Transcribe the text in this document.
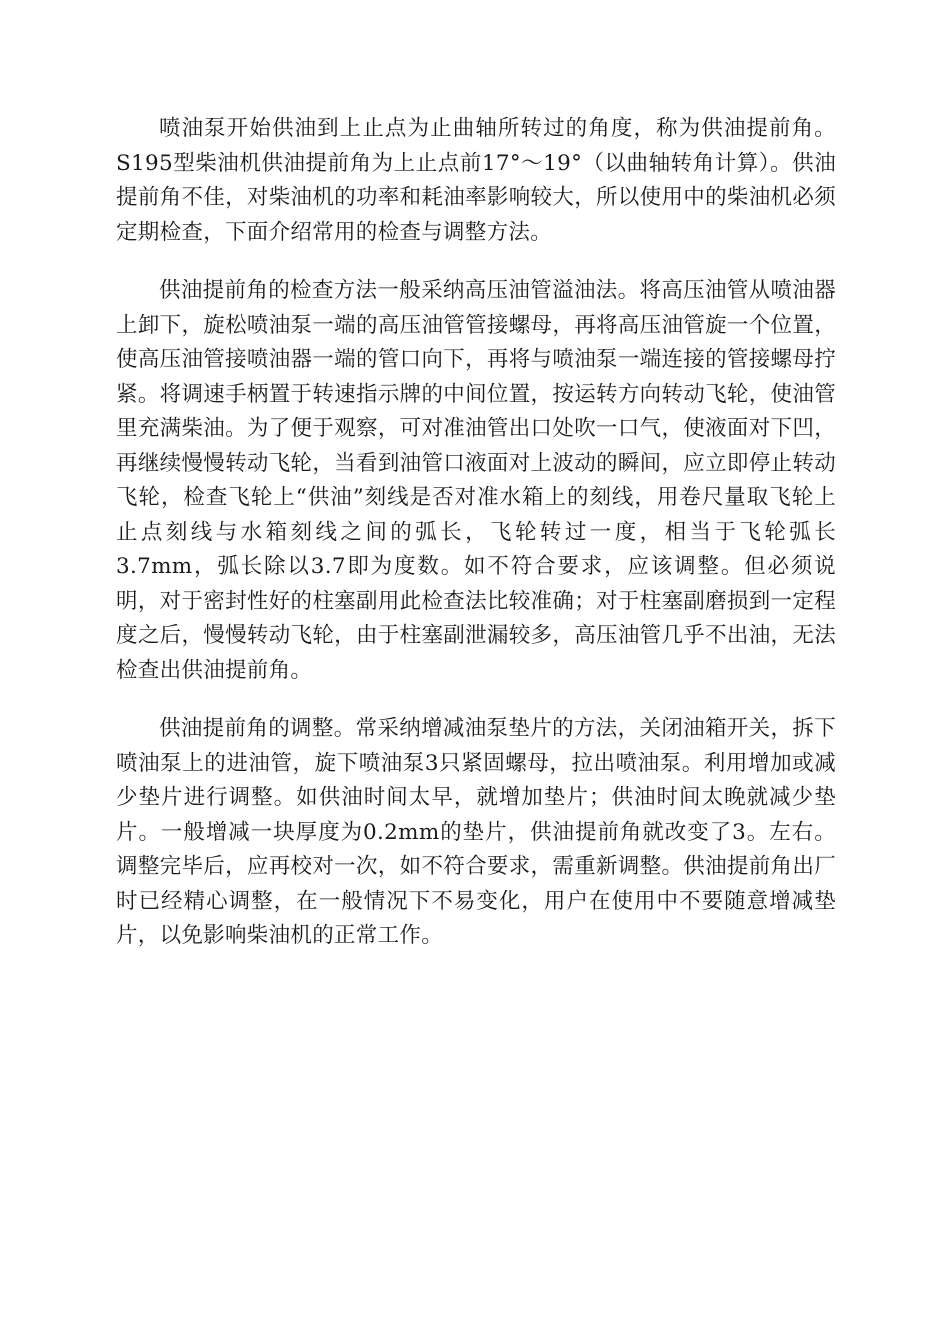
喷油泵开始供油到上止点为止曲轴所转过的角度，称为供油提前角。S195型柴油机供油提前角为上止点前17°～19°（以曲轴转角计算）。供油提前角不佳，对柴油机的功率和耗油率影响较大，所以使用中的柴油机必须定期检查，下面介绍常用的检查与调整方法。

供油提前角的检查方法一般采纳高压油管溢油法。将高压油管从喷油器上卸下，旋松喷油泵一端的高压油管管接螺母，再将高压油管旋一个位置，使高压油管接喷油器一端的管口向下，再将与喷油泵一端连接的管接螺母拧紧。将调速手柄置于转速指示牌的中间位置，按运转方向转动飞轮，使油管里充满柴油。为了便于观察，可对准油管出口处吹一口气，使液面对下凹，再继续慢慢转动飞轮，当看到油管口液面对上波动的瞬间，应立即停止转动飞轮，检查飞轮上“供油”刻线是否对准水箱上的刻线，用卷尺量取飞轮上止点刻线与水箱刻线之间的弧长，飞轮转过一度，相当于飞轮弧长3.7mm，弧长除以3.7即为度数。如不符合要求，应该调整。但必须说明，对于密封性好的柱塞副用此检查法比较准确；对于柱塞副磨损到一定程度之后，慢慢转动飞轮，由于柱塞副泄漏较多，高压油管几乎不出油，无法检查出供油提前角。

供油提前角的调整。常采纳增减油泵垫片的方法，关闭油箱开关，拆下喷油泵上的进油管，旋下喷油泵3只紧固螺母，拉出喷油泵。利用增加或减少垫片进行调整。如供油时间太早，就增加垫片；供油时间太晚就减少垫片。一般增减一块厚度为0.2mm的垫片，供油提前角就改变了3。左右。调整完毕后，应再校对一次，如不符合要求，需重新调整。供油提前角出厂时已经精心调整，在一般情况下不易变化，用户在使用中不要随意增减垫片，以免影响柴油机的正常工作。
